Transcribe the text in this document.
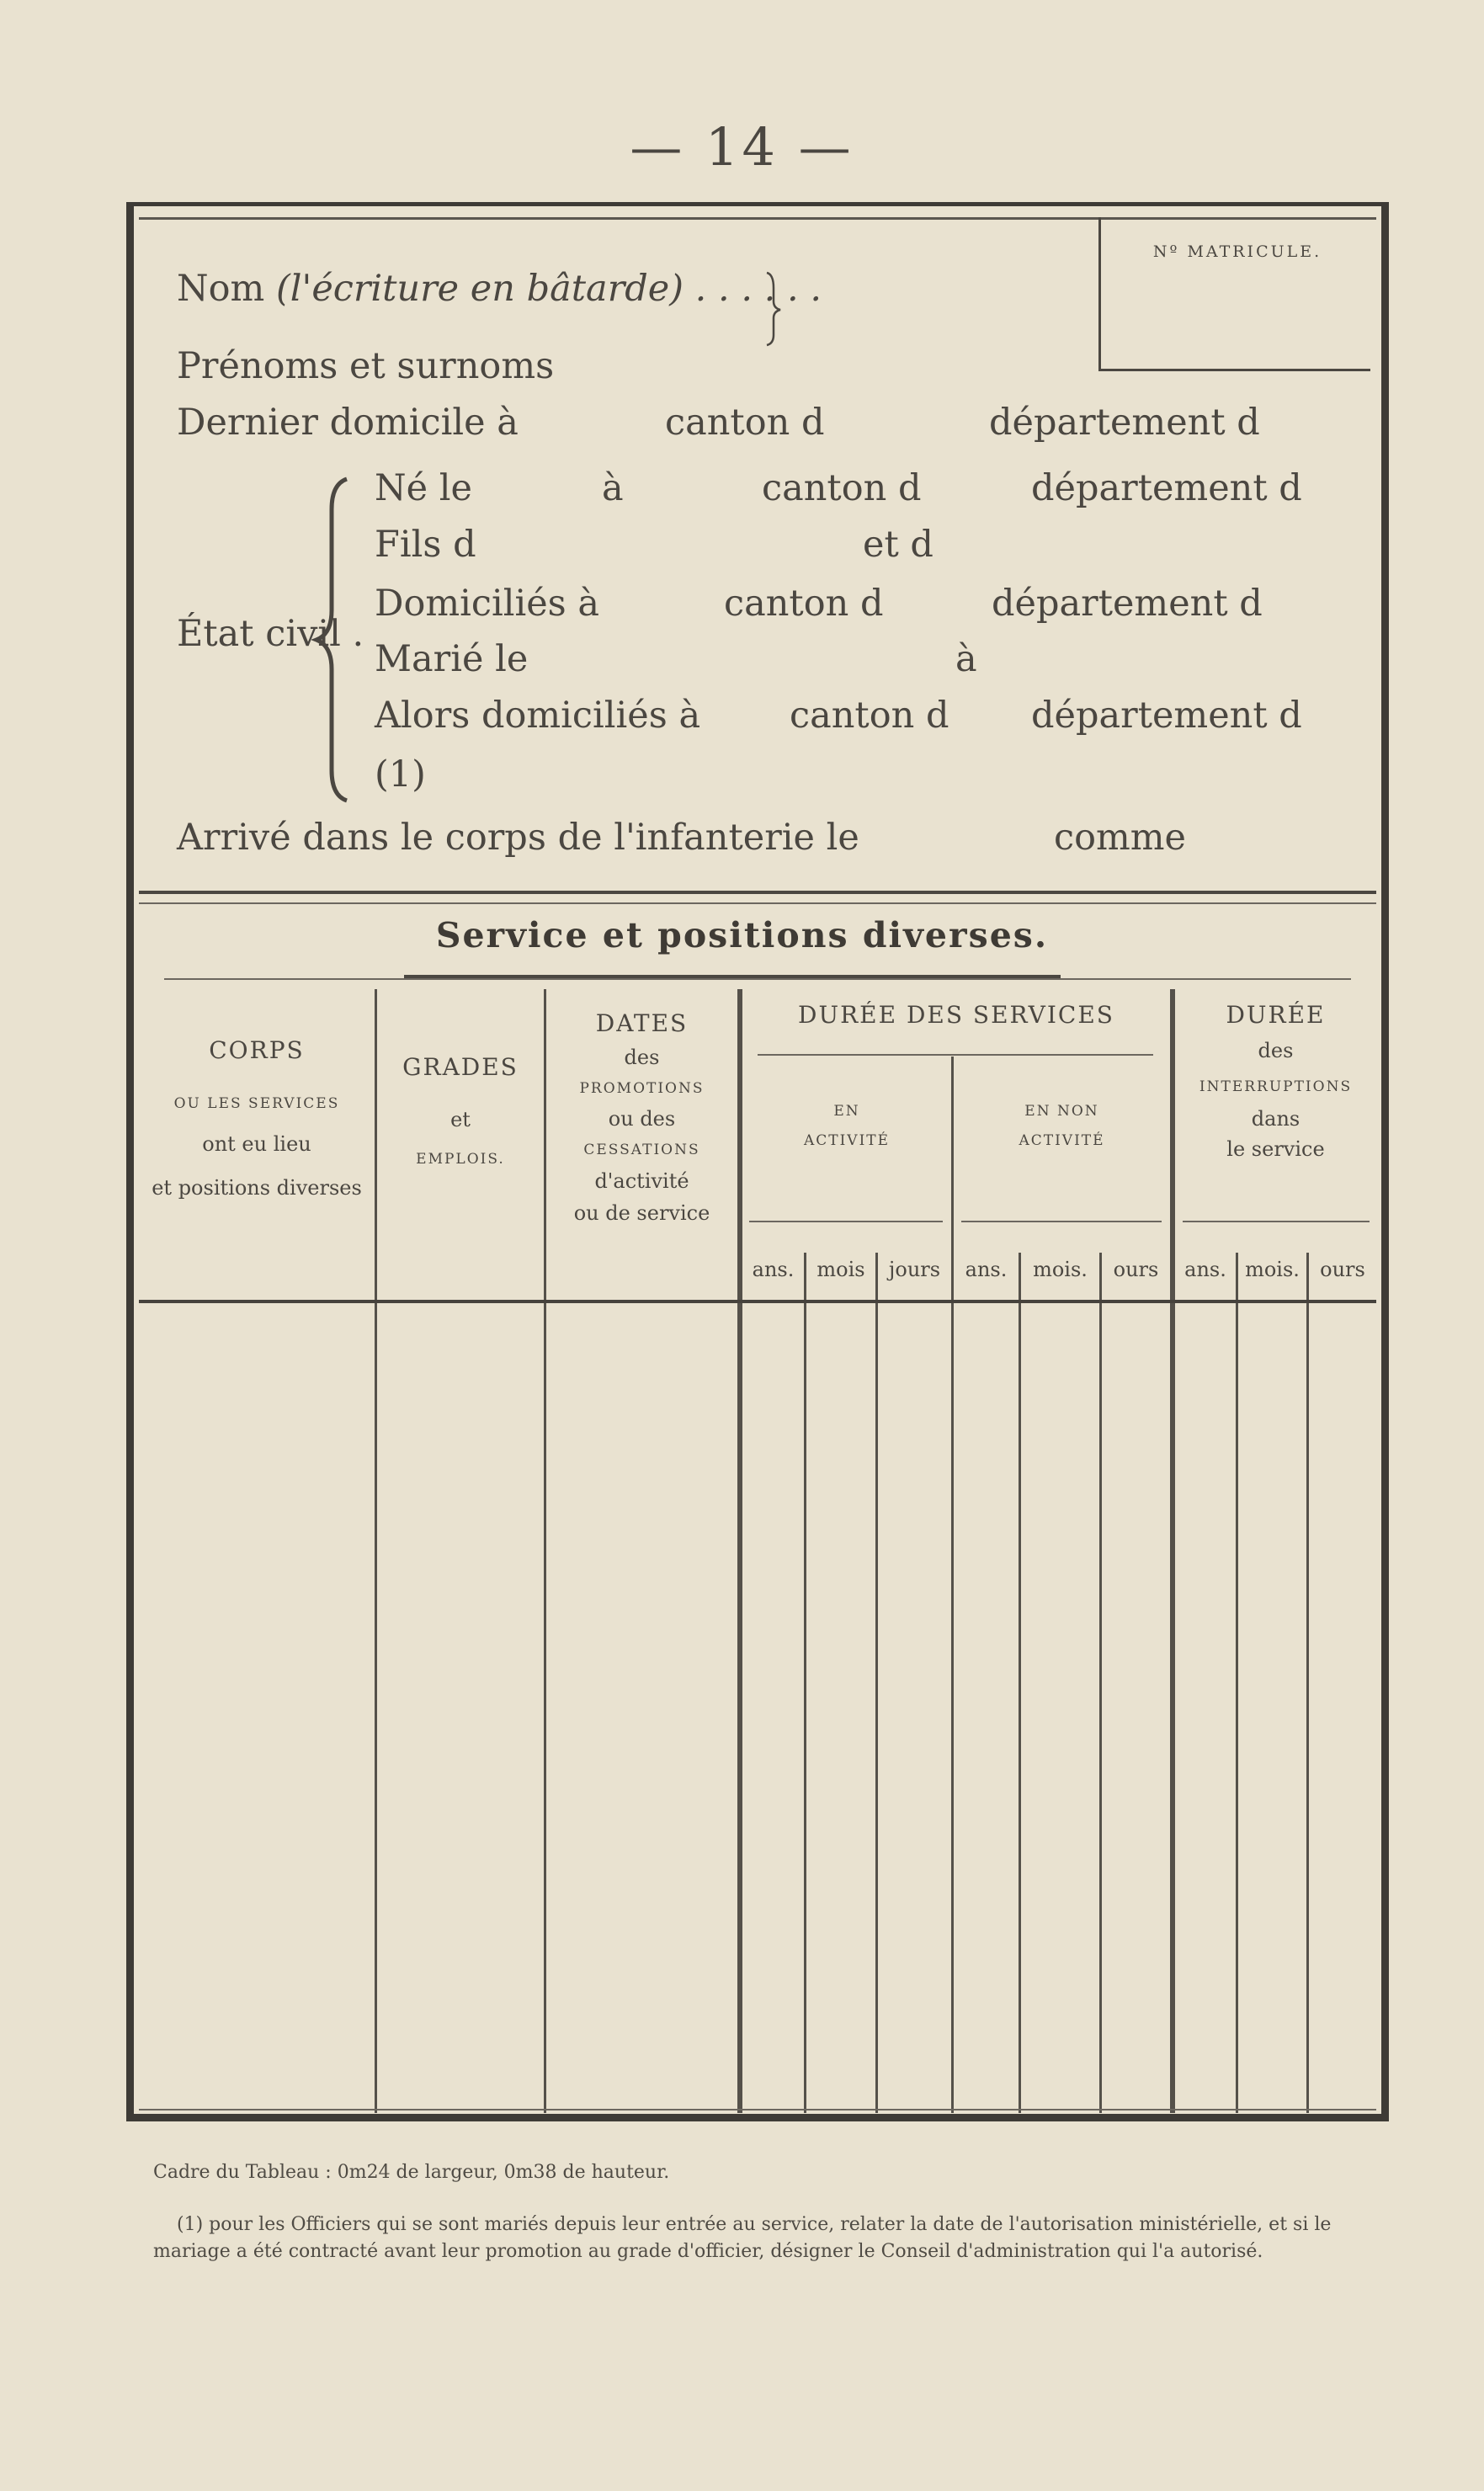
— 14 —
Nº MATRICULE.
Nom (l'écriture en bâtarde) . . . . . .
Prénoms et surnoms
Dernier domicile à	canton d	département d
État civil .
Né le	à	canton d	département d
Fils d	et d
Domiciliés à	canton d	département d
Marié le	à
Alors domiciliés à canton d département d
(1)
Arrivé dans le corps de l'infanterie le	comme
Service et positions diverses.
CORPS
OU LES SERVICES
ont eu lieu
et positions diverses
GRADES
et
EMPLOIS.
DATES
des
PROMOTIONS
ou des
CESSATIONS
d'activité
ou de service
DURÉE DES SERVICES
EN
ACTIVITÉ
EN NON
ACTIVITÉ
DURÉE
des
INTERRUPTIONS
dans
le service
ans.	mois	jours	ans.	mois.	ours	ans. mois.	ours
Cadre du Tableau : 0m24 de largeur, 0m38 de hauteur.
(1) pour les Officiers qui se sont mariés depuis leur entrée au service, relater la date de l'autorisation ministérielle, et si le mariage a été contracté avant leur promotion au grade d'officier, désigner le Conseil d'administration qui l'a autorisé.
